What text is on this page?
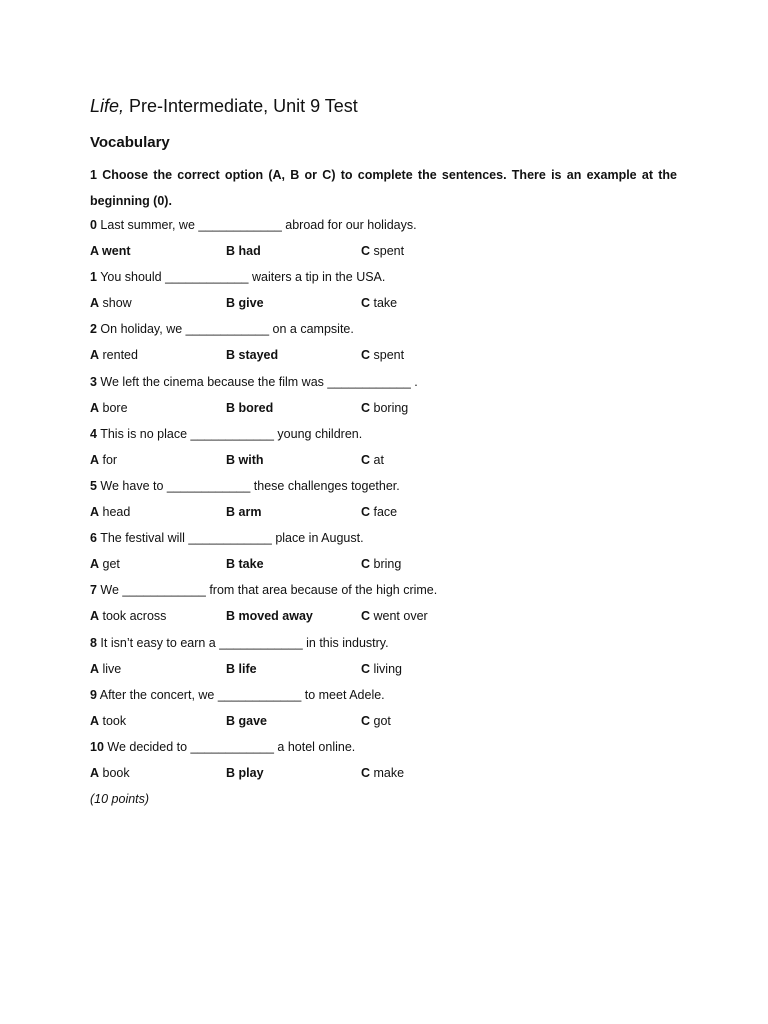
Life, Pre-Intermediate, Unit 9 Test
Vocabulary
1 Choose the correct option (A, B or C) to complete the sentences. There is an example at the beginning (0).
0 Last summer, we ____________ abroad for our holidays.
A went	B had	C spent
1 You should ____________ waiters a tip in the USA.
A show	B give	C take
2 On holiday, we ____________ on a campsite.
A rented	B stayed	C spent
3 We left the cinema because the film was ____________ .
A bore	B bored	C boring
4 This is no place ____________ young children.
A for	B with	C at
5 We have to ____________ these challenges together.
A head	B arm	C face
6 The festival will ____________ place in August.
A get	B take	C bring
7 We ____________ from that area because of the high crime.
A took across	B moved away	C went over
8 It isn’t easy to earn a ____________ in this industry.
A live	B life	C living
9 After the concert, we ____________ to meet Adele.
A took	B gave	C got
10 We decided to ____________ a hotel online.
A book	B play	C make
(10 points)
